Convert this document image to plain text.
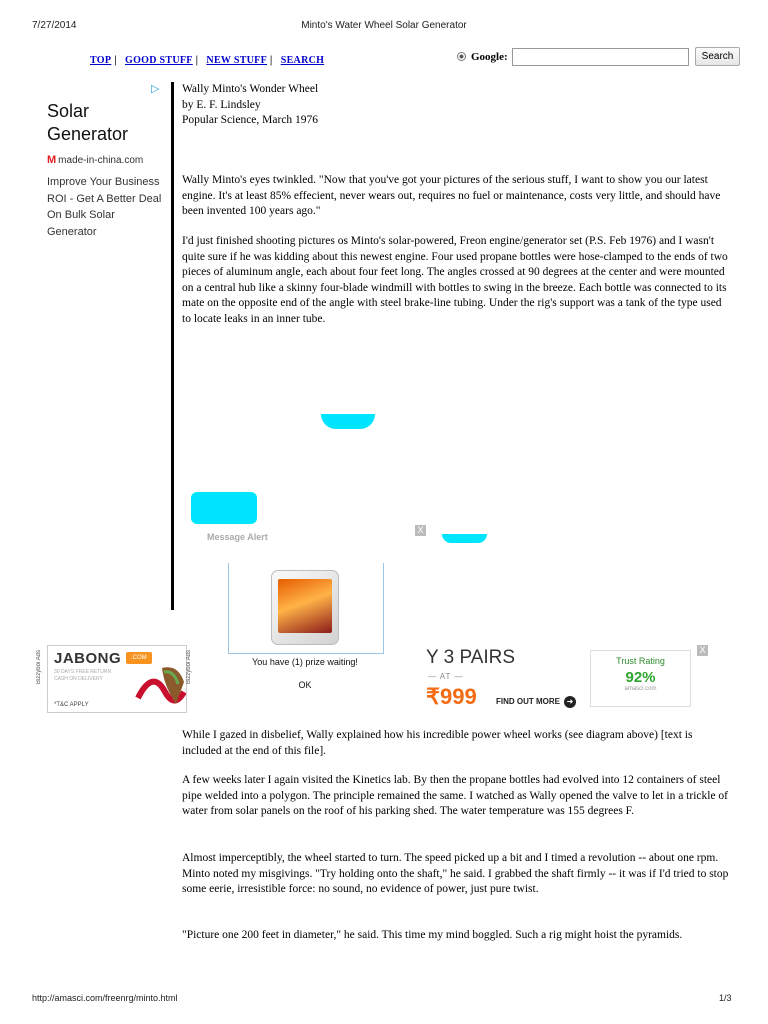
7/27/2014	Minto's Water Wheel Solar Generator
TOP | GOOD STUFF | NEW STUFF | SEARCH	Google:	Search
▷
Solar Generator
M made-in-china.com
Improve Your Business ROI - Get A Better Deal On Bulk Solar Generator
Wally Minto's Wonder Wheel
by E. F. Lindsley
Popular Science, March 1976

Wally Minto's eyes twinkled. "Now that you've got your pictures of the serious stuff, I want to show you our latest engine. It's at least 85% effecient, never wears out, requires no fuel or maintenance, costs very little, and should have been invented 100 years ago."

I'd just finished shooting pictures os Minto's solar-powered, Freon engine/generator set (P.S. Feb 1976) and I wasn't quite sure if he was kidding about this newest engine. Four used propane bottles were hose-clamped to the ends of two pieces of aluminum angle, each about four feet long. The angles crossed at 90 degrees at the center and were mounted on a central hub like a skinny four-blade windmill with bottles to swing in the breeze. Each bottle was connected to its mate on the opposite end of the angle with steel brake-line tubing. Under the rig's support was a tank of the type used to locate leaks in an inner tube.

Message Alert
X
Bizzybol Ads JABONG	.COM
30 DAYS FREE RETURN CASH ON DELIVERY
*T&C APPLY
Bizzybol Ads	You have (1) prize waiting!
OK
Y 3 PAIRS
— AT —
₹999 FIND OUT MORE ➜
Trust Rating
92%
amasci.com
X

While I gazed in disbelief, Wally explained how his incredible power wheel works (see diagram above) [text is included at the end of this file].

A few weeks later I again visited the Kinetics lab. By then the propane bottles had evolved into 12 containers of steel pipe welded into a polygon. The principle remained the same. I watched as Wally opened the valve to let in a trickle of water from solar panels on the roof of his parking shed. The water temperature was 155 degrees F.

Almost imperceptibly, the wheel started to turn. The speed picked up a bit and I timed a revolution -- about one rpm. Minto noted my misgivings. "Try holding onto the shaft," he said. I grabbed the shaft firmly -- it was if I'd tried to stop some eerie, irresistible force: no sound, no evidence of power, just pure twist.

"Picture one 200 feet in diameter," he said. This time my mind boggled. Such a rig might hoist the pyramids.

http://amasci.com/freenrg/minto.html	1/3
